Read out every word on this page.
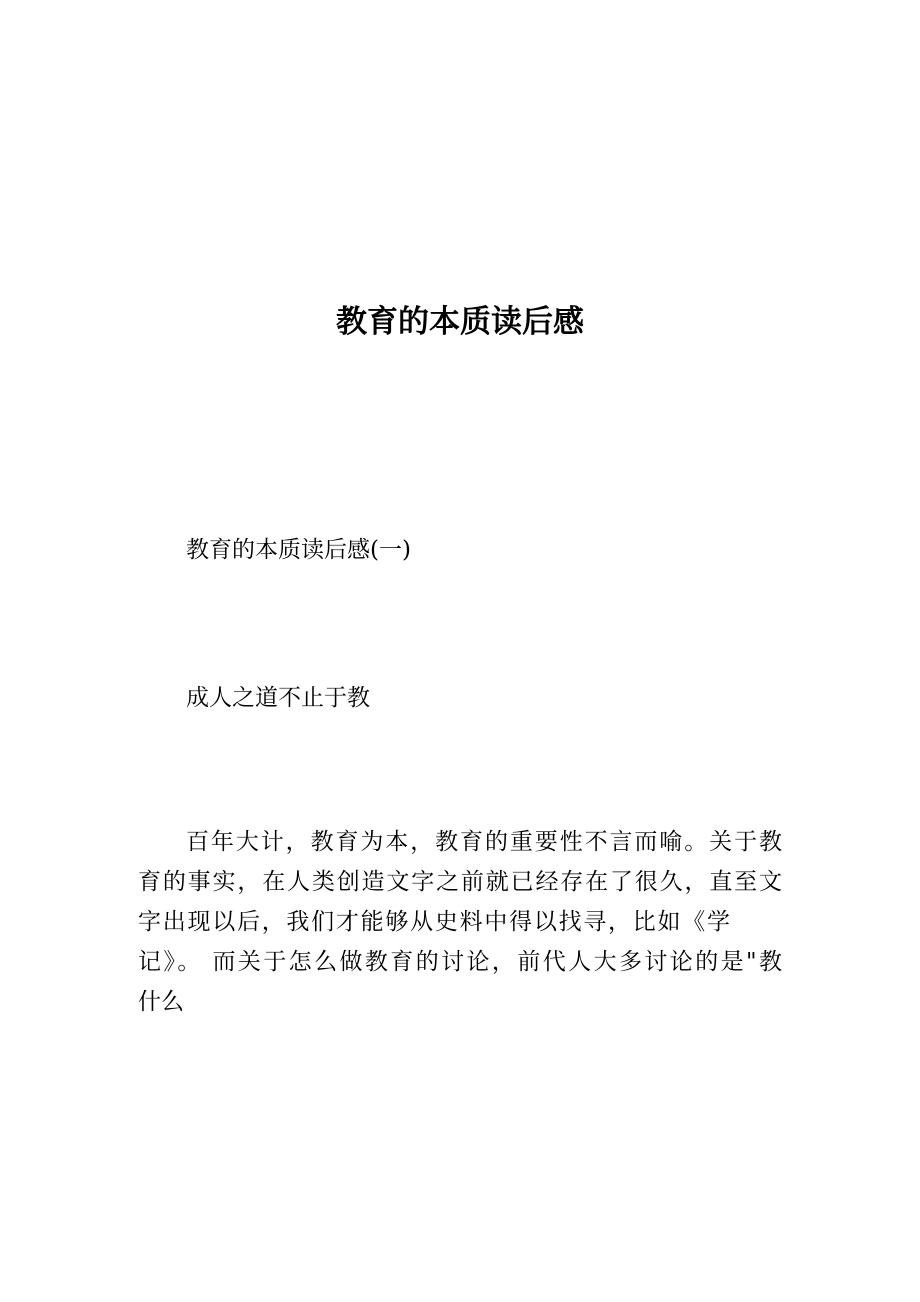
教育的本质读后感

教育的本质读后感(一)

成人之道不止于教

百年大计，教育为本，教育的重要性不言而喻。关于教
育的事实，在人类创造文字之前就已经存在了很久，直至文
字出现以后，我们才能够从史料中得以找寻，比如《学
记》。 而关于怎么做教育的讨论，前代人大多讨论的是"教
什么
